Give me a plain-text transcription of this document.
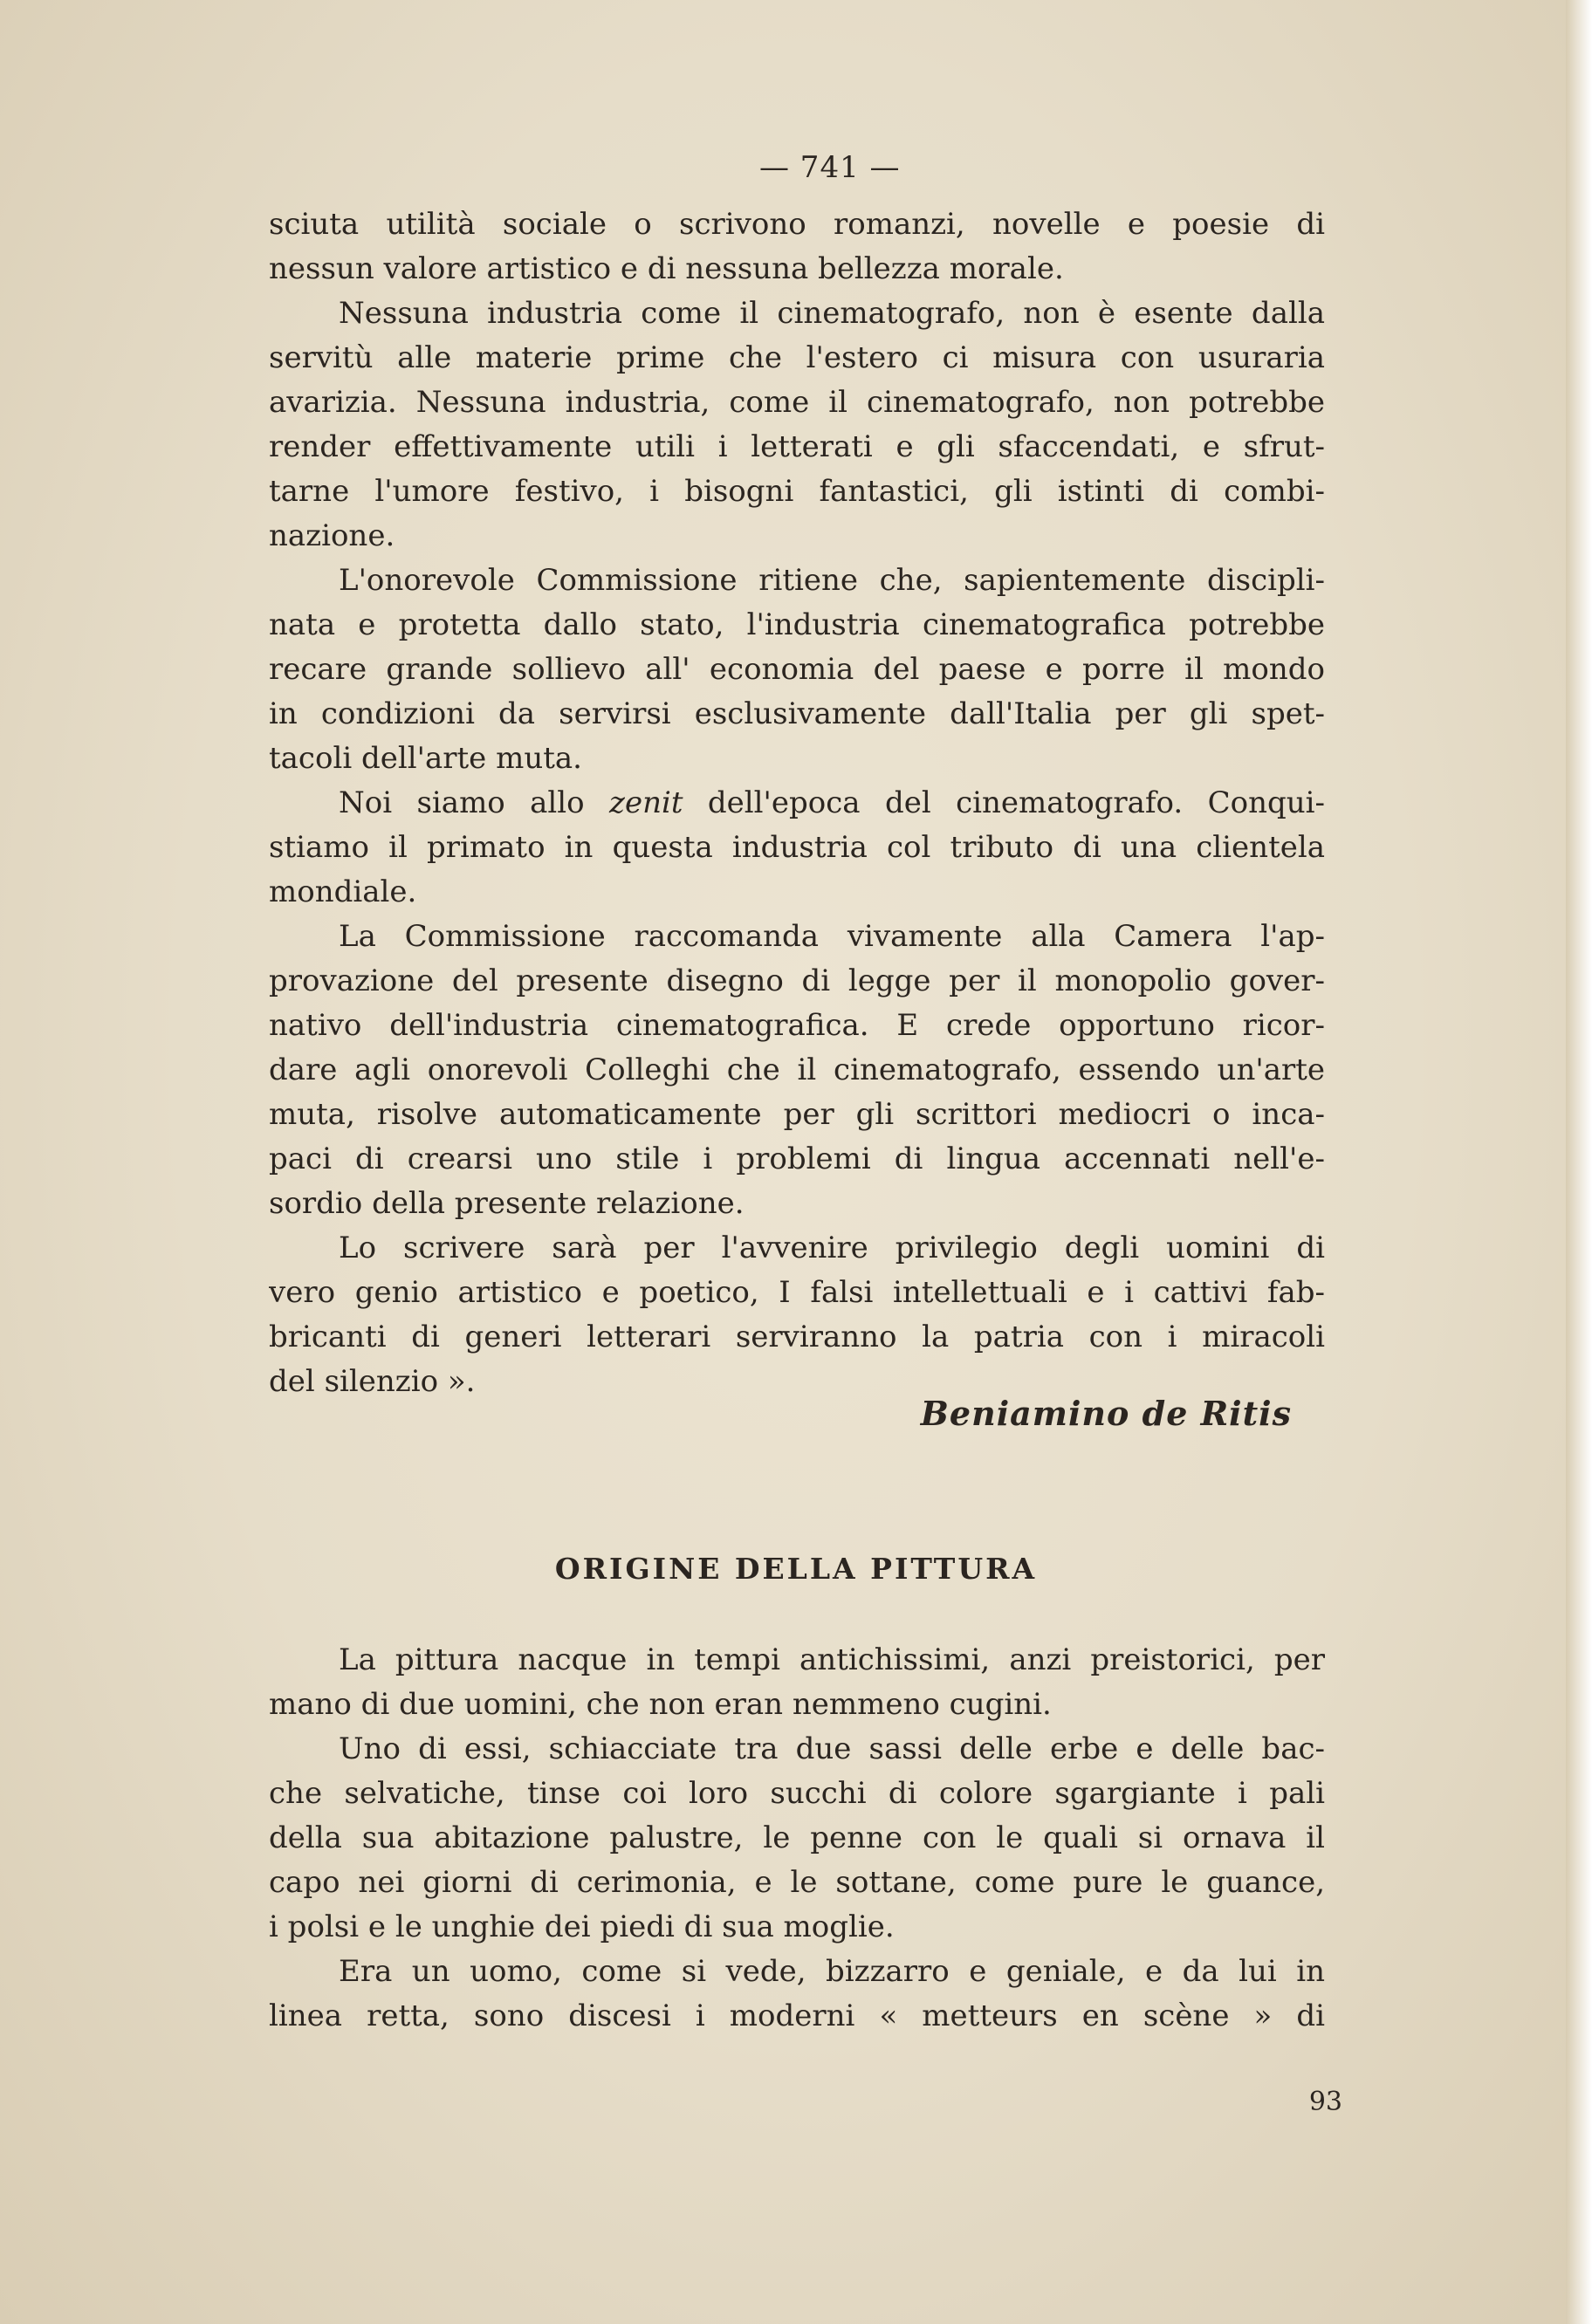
— 741 —
sciuta utilità sociale o scrivono romanzi, novelle e poesie di
nessun valore artistico e di nessuna bellezza morale.
Nessuna industria come il cinematografo, non è esente dalla
servitù alle materie prime che l'estero ci misura con usuraria
avarizia. Nessuna industria, come il cinematografo, non potrebbe
render effettivamente utili i letterati e gli sfaccendati, e sfrut-
tarne l'umore festivo, i bisogni fantastici, gli istinti di combi-
nazione.
L'onorevole Commissione ritiene che, sapientemente discipli-
nata e protetta dallo stato, l'industria cinematografica potrebbe
recare grande sollievo all' economia del paese e porre il mondo
in condizioni da servirsi esclusivamente dall'Italia per gli spet-
tacoli dell'arte muta.
Noi siamo allo zenit dell'epoca del cinematografo. Conqui-
stiamo il primato in questa industria col tributo di una clientela
mondiale.
La Commissione raccomanda vivamente alla Camera l'ap-
provazione del presente disegno di legge per il monopolio gover-
nativo dell'industria cinematografica. E crede opportuno ricor-
dare agli onorevoli Colleghi che il cinematografo, essendo un'arte
muta, risolve automaticamente per gli scrittori mediocri o inca-
paci di crearsi uno stile i problemi di lingua accennati nell'e-
sordio della presente relazione.
Lo scrivere sarà per l'avvenire privilegio degli uomini di
vero genio artistico e poetico, I falsi intellettuali e i cattivi fab-
bricanti di generi letterari serviranno la patria con i miracoli
del silenzio ».
Beniamino de Ritis
ORIGINE DELLA PITTURA
La pittura nacque in tempi antichissimi, anzi preistorici, per
mano di due uomini, che non eran nemmeno cugini.
Uno di essi, schiacciate tra due sassi delle erbe e delle bac-
che selvatiche, tinse coi loro succhi di colore sgargiante i pali
della sua abitazione palustre, le penne con le quali si ornava il
capo nei giorni di cerimonia, e le sottane, come pure le guance,
i polsi e le unghie dei piedi di sua moglie.
Era un uomo, come si vede, bizzarro e geniale, e da lui in
linea retta, sono discesi i moderni « metteurs en scène » di
93
